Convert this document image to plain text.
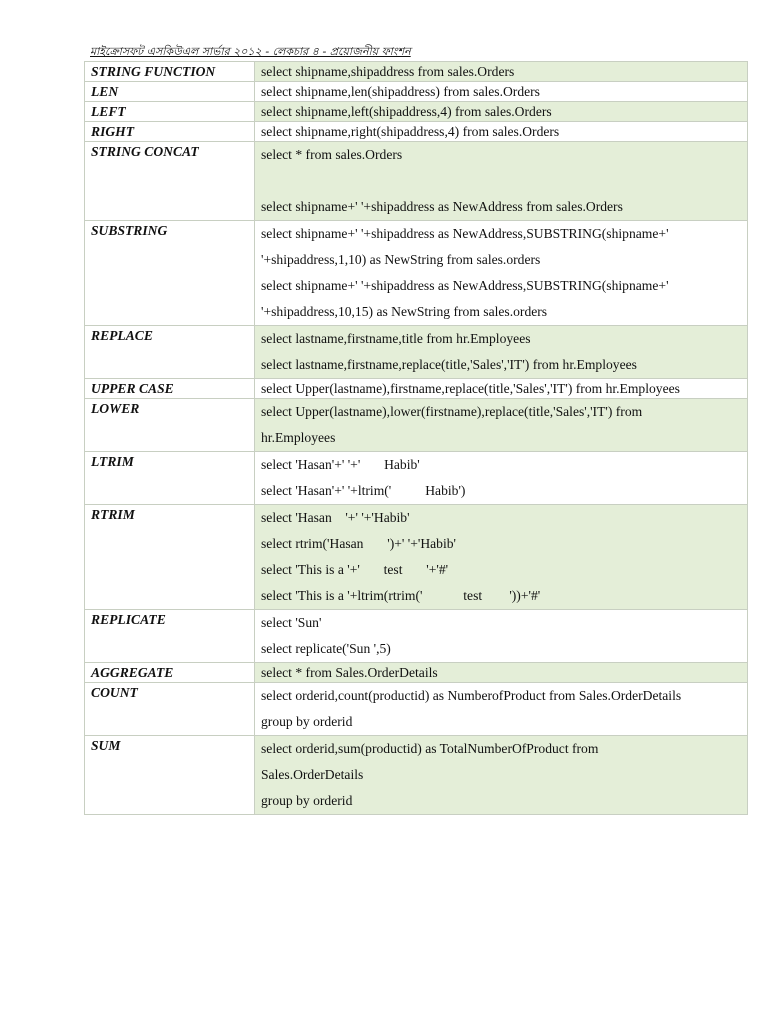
মাইক্রোসফট এসকিউএল সার্ভার ২০১২ - লেকচার ৪ - প্রয়োজনীয় ফাংশন
STRING FUNCTION	select shipname,shipaddress from sales.Orders

LEN	select shipname,len(shipaddress) from sales.Orders

LEFT	select shipname,left(shipaddress,4) from sales.Orders

RIGHT	select shipname,right(shipaddress,4) from sales.Orders

STRING CONCAT	select * from sales.Orders
select shipname+' '+shipaddress as NewAddress from sales.Orders

SUBSTRING	select shipname+' '+shipaddress as NewAddress,SUBSTRING(shipname+'
'+shipaddress,1,10) as NewString from sales.orders
select shipname+' '+shipaddress as NewAddress,SUBSTRING(shipname+'
'+shipaddress,10,15) as NewString from sales.orders

REPLACE	select lastname,firstname,title from hr.Employees
select lastname,firstname,replace(title,'Sales','IT') from hr.Employees

UPPER CASE	select Upper(lastname),firstname,replace(title,'Sales','IT') from hr.Employees

LOWER	select Upper(lastname),lower(firstname),replace(title,'Sales','IT') from
hr.Employees

LTRIM	select 'Hasan'+' '+'       Habib'
select 'Hasan'+' '+ltrim('          Habib')

RTRIM	select 'Hasan    '+' '+'Habib'
select rtrim('Hasan       ')+' '+'Habib'
select 'This is a '+'       test       '+'#'
select 'This is a '+ltrim(rtrim('            test        '))+'#'

REPLICATE	select 'Sun'
select replicate('Sun ',5)

AGGREGATE	select * from Sales.OrderDetails

COUNT	select orderid,count(productid) as NumberofProduct from Sales.OrderDetails
group by orderid

SUM	select orderid,sum(productid) as TotalNumberOfProduct from
Sales.OrderDetails
group by orderid
